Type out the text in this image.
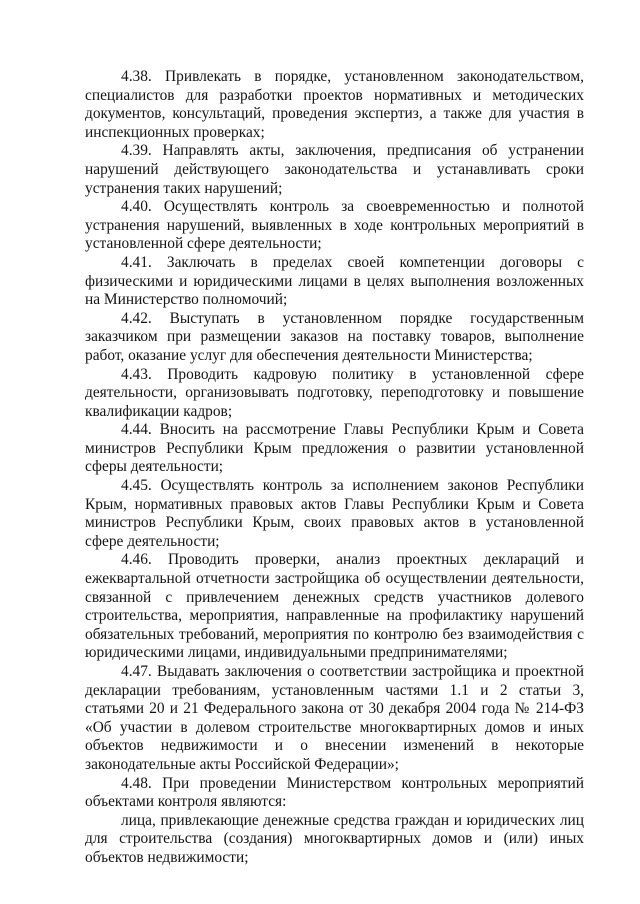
4.38. Привлекать в порядке, установленном законодательством, специалистов для разработки проектов нормативных и методических документов, консультаций, проведения экспертиз, а также для участия в инспекционных проверках;

4.39. Направлять акты, заключения, предписания об устранении нарушений действующего законодательства и устанавливать сроки устранения таких нарушений;

4.40. Осуществлять контроль за своевременностью и полнотой устранения нарушений, выявленных в ходе контрольных мероприятий в установленной сфере деятельности;

4.41. Заключать в пределах своей компетенции договоры с физическими и юридическими лицами в целях выполнения возложенных на Министерство полномочий;

4.42. Выступать в установленном порядке государственным заказчиком при размещении заказов на поставку товаров, выполнение работ, оказание услуг для обеспечения деятельности Министерства;

4.43. Проводить кадровую политику в установленной сфере деятельности, организовывать подготовку, переподготовку и повышение квалификации кадров;

4.44. Вносить на рассмотрение Главы Республики Крым и Совета министров Республики Крым предложения о развитии установленной сферы деятельности;

4.45. Осуществлять контроль за исполнением законов Республики Крым, нормативных правовых актов Главы Республики Крым и Совета министров Республики Крым, своих правовых актов в установленной сфере деятельности;

4.46. Проводить проверки, анализ проектных деклараций и ежеквартальной отчетности застройщика об осуществлении деятельности, связанной с привлечением денежных средств участников долевого строительства, мероприятия, направленные на профилактику нарушений обязательных требований, мероприятия по контролю без взаимодействия с юридическими лицами, индивидуальными предпринимателями;

4.47. Выдавать заключения о соответствии застройщика и проектной декларации требованиям, установленным частями 1.1 и 2 статьи 3, статьями 20 и 21 Федерального закона от 30 декабря 2004 года № 214-ФЗ «Об участии в долевом строительстве многоквартирных домов и иных объектов недвижимости и о внесении изменений в некоторые законодательные акты Российской Федерации»;

4.48. При проведении Министерством контрольных мероприятий объектами контроля являются:

лица, привлекающие денежные средства граждан и юридических лиц для строительства (создания) многоквартирных домов и (или) иных объектов недвижимости;
